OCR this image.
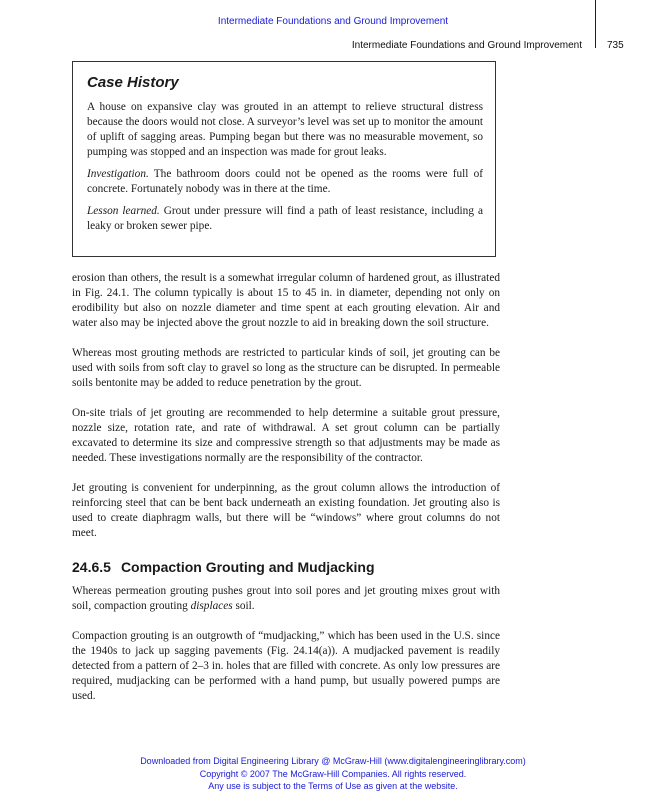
Intermediate Foundations and Ground Improvement
Intermediate Foundations and Ground Improvement	735
Case History

A house on expansive clay was grouted in an attempt to relieve structural distress because the doors would not close. A surveyor’s level was set up to monitor the amount of uplift of sagging areas. Pumping began but there was no measurable movement, so pumping was stopped and an inspection was made for grout leaks.

Investigation. The bathroom doors could not be opened as the rooms were full of concrete. Fortunately nobody was in there at the time.

Lesson learned. Grout under pressure will find a path of least resistance, including a leaky or broken sewer pipe.

erosion than others, the result is a somewhat irregular column of hardened grout, as illustrated in Fig. 24.1. The column typically is about 15 to 45 in. in diameter, depending not only on erodibility but also on nozzle diameter and time spent at each grouting elevation. Air and water also may be injected above the grout nozzle to aid in breaking down the soil structure.

Whereas most grouting methods are restricted to particular kinds of soil, jet grouting can be used with soils from soft clay to gravel so long as the structure can be disrupted. In permeable soils bentonite may be added to reduce penetration by the grout.

On-site trials of jet grouting are recommended to help determine a suitable grout pressure, nozzle size, rotation rate, and rate of withdrawal. A set grout column can be partially excavated to determine its size and compressive strength so that adjustments may be made as needed. These investigations normally are the responsibility of the contractor.

Jet grouting is convenient for underpinning, as the grout column allows the introduction of reinforcing steel that can be bent back underneath an existing foundation. Jet grouting also is used to create diaphragm walls, but there will be “windows” where grout columns do not meet.

24.6.5 Compaction Grouting and Mudjacking

Whereas permeation grouting pushes grout into soil pores and jet grouting mixes grout with soil, compaction grouting displaces soil.

Compaction grouting is an outgrowth of “mudjacking,” which has been used in the U.S. since the 1940s to jack up sagging pavements (Fig. 24.14(a)). A mudjacked pavement is readily detected from a pattern of 2–3 in. holes that are filled with concrete. As only low pressures are required, mudjacking can be performed with a hand pump, but usually powered pumps are used.

Downloaded from Digital Engineering Library @ McGraw-Hill (www.digitalengineeringlibrary.com)
Copyright © 2007 The McGraw-Hill Companies. All rights reserved.
Any use is subject to the Terms of Use as given at the website.
